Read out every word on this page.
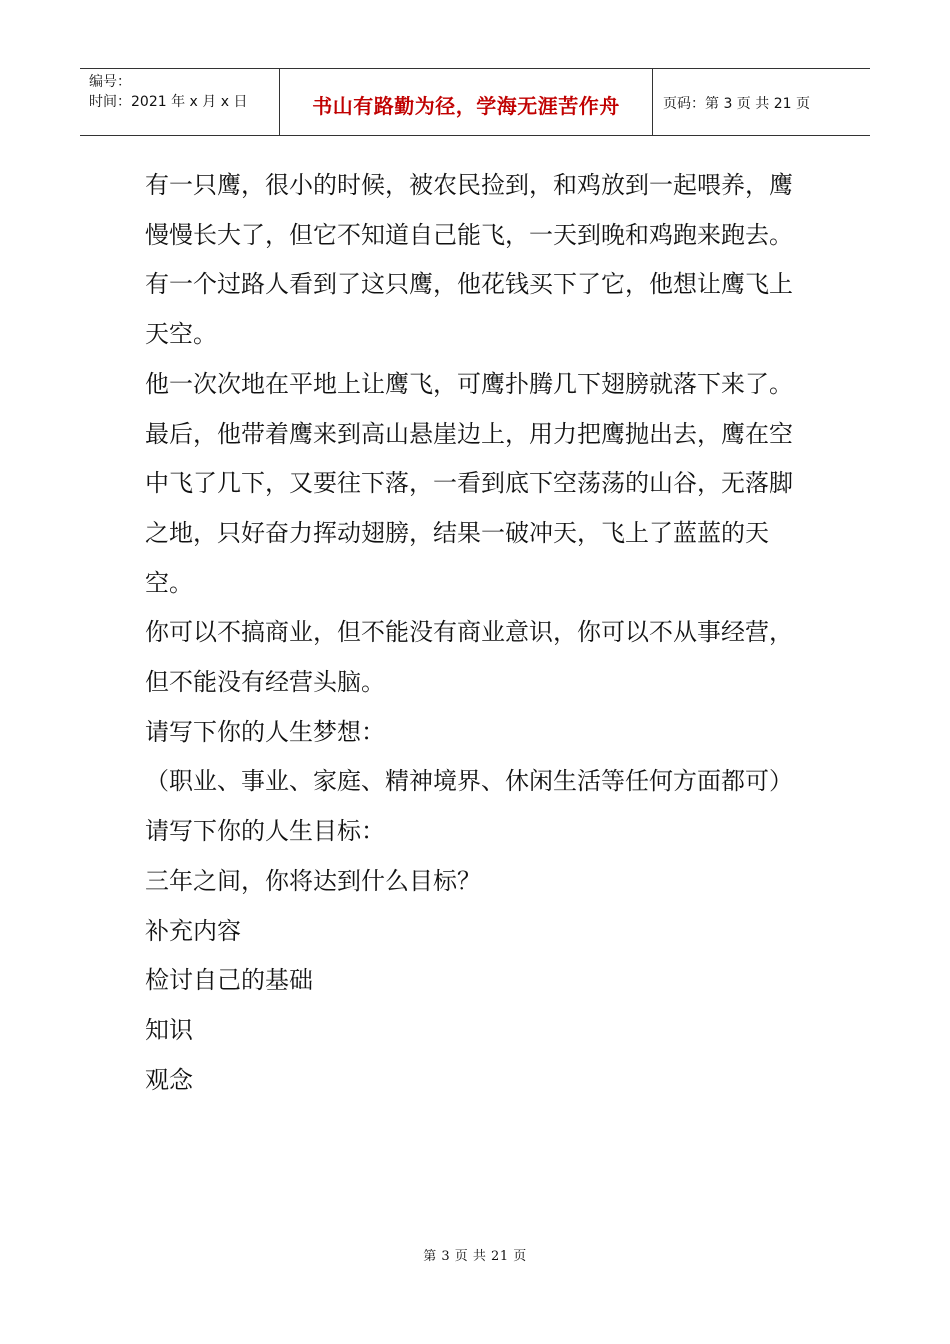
编号：
时间：2021 年 x 月 x 日	书山有路勤为径，学海无涯苦作舟	页码：第 3 页 共 21 页

有一只鹰，很小的时候，被农民捡到，和鸡放到一起喂养，鹰慢慢长大了，但它不知道自己能飞，一天到晚和鸡跑来跑去。

有一个过路人看到了这只鹰，他花钱买下了它，他想让鹰飞上天空。

他一次次地在平地上让鹰飞，可鹰扑腾几下翅膀就落下来了。最后，他带着鹰来到高山悬崖边上，用力把鹰抛出去，鹰在空中飞了几下，又要往下落，一看到底下空荡荡的山谷，无落脚之地，只好奋力挥动翅膀，结果一破冲天，飞上了蓝蓝的天空。

你可以不搞商业，但不能没有商业意识，你可以不从事经营，但不能没有经营头脑。

请写下你的人生梦想：

（职业、事业、家庭、精神境界、休闲生活等任何方面都可）

请写下你的人生目标：

三年之间，你将达到什么目标？

补充内容

检讨自己的基础

知识

观念

第 3 页 共 21 页
